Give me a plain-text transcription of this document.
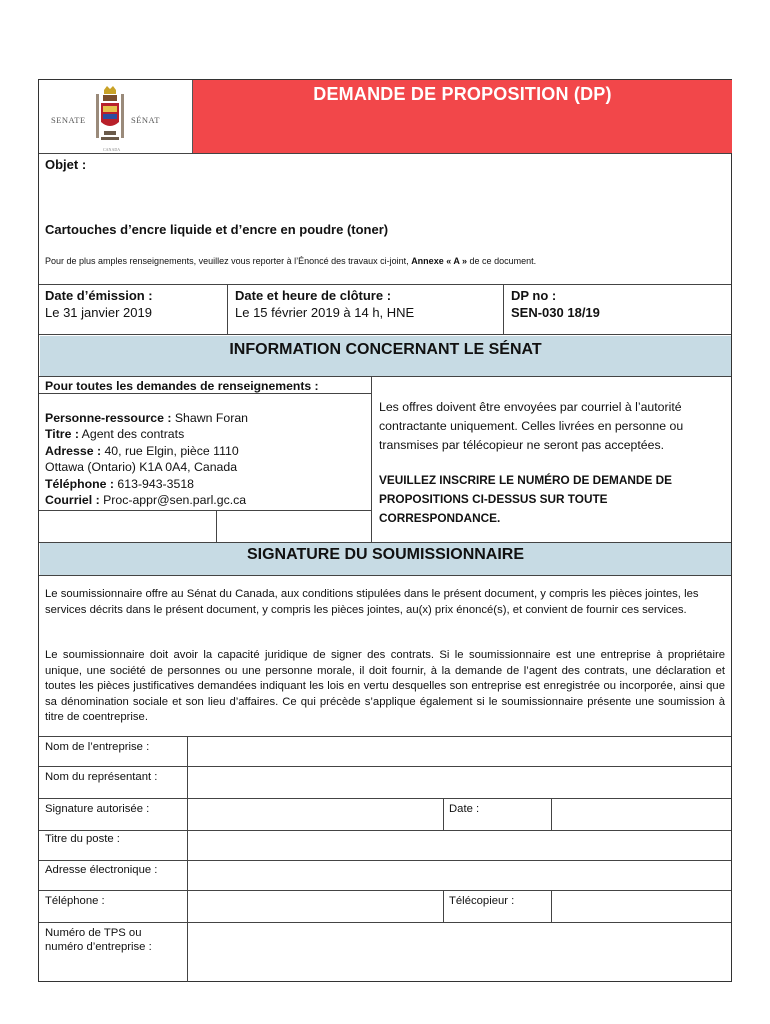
SENATE	SÉNAT
CANADA
DEMANDE DE PROPOSITION (DP)
Objet :
Cartouches d’encre liquide et d’encre en poudre (toner)
Pour de plus amples renseignements, veuillez vous reporter à l’Énoncé des travaux ci-joint, Annexe « A » de ce document.
Date d’émission :
Le 31 janvier 2019
Date et heure de clôture :
Le 15 février 2019 à 14 h, HNE
DP no :
SEN-030 18/19
INFORMATION CONCERNANT LE SÉNAT
Pour toutes les demandes de renseignements :
Personne-ressource : Shawn Foran
Titre : Agent des contrats
Adresse : 40, rue Elgin, pièce 1110
Ottawa (Ontario) K1A 0A4, Canada
Téléphone : 613-943-3518
Courriel : Proc-appr@sen.parl.gc.ca
Les offres doivent être envoyées par courriel à l’autorité contractante uniquement. Celles livrées en personne ou transmises par télécopieur ne seront pas acceptées.
VEUILLEZ INSCRIRE LE NUMÉRO DE DEMANDE DE PROPOSITIONS CI-DESSUS SUR TOUTE CORRESPONDANCE.
SIGNATURE DU SOUMISSIONNAIRE
Le soumissionnaire offre au Sénat du Canada, aux conditions stipulées dans le présent document, y compris les pièces jointes, les services décrits dans le présent document, y compris les pièces jointes, au(x) prix énoncé(s), et convient de fournir ces services.
Le soumissionnaire doit avoir la capacité juridique de signer des contrats. Si le soumissionnaire est une entreprise à propriétaire unique, une société de personnes ou une personne morale, il doit fournir, à la demande de l’agent des contrats, une déclaration et toutes les pièces justificatives demandées indiquant les lois en vertu desquelles son entreprise est enregistrée ou incorporée, ainsi que sa dénomination sociale et son lieu d’affaires. Ce qui précède s’applique également si le soumissionnaire présente une soumission à titre de coentreprise.
Nom de l’entreprise :
Nom du représentant :
Signature autorisée :	Date :
Titre du poste :
Adresse électronique :
Téléphone :	Télécopieur :
Numéro de TPS ou
numéro d’entreprise :
